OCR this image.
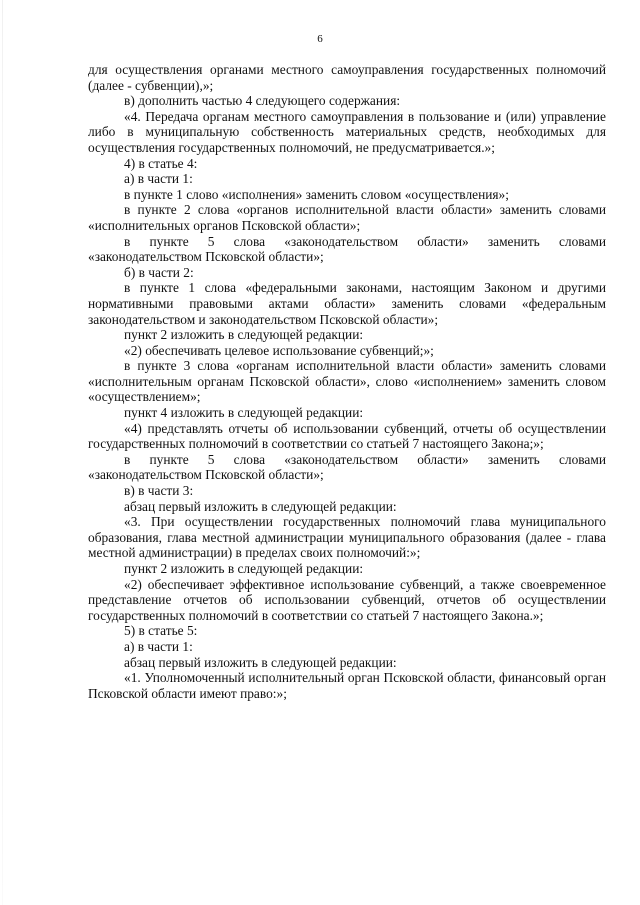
6

для осуществления органами местного самоуправления государственных полномочий (далее - субвенции),»;

в) дополнить частью 4 следующего содержания:

«4. Передача органам местного самоуправления в пользование и (или) управление либо в муниципальную собственность материальных средств, необходимых для осуществления государственных полномочий, не предусматривается.»;

4) в статье 4:

а) в части 1:

в пункте 1 слово «исполнения» заменить словом «осуществления»;

в пункте 2 слова «органов исполнительной власти области» заменить словами «исполнительных органов Псковской области»;

в пункте 5 слова «законодательством области» заменить словами «законодательством Псковской области»;

б) в части 2:

в пункте 1 слова «федеральными законами, настоящим Законом и другими нормативными правовыми актами области» заменить словами «федеральным законодательством и законодательством Псковской области»;

пункт 2 изложить в следующей редакции:

«2) обеспечивать целевое использование субвенций;»;

в пункте 3 слова «органам исполнительной власти области» заменить словами «исполнительным органам Псковской области», слово «исполнением» заменить словом «осуществлением»;

пункт 4 изложить в следующей редакции:

«4) представлять отчеты об использовании субвенций, отчеты об осуществлении государственных полномочий в соответствии со статьей 7 настоящего Закона;»;

в пункте 5 слова «законодательством области» заменить словами «законодательством Псковской области»;

в) в части 3:

абзац первый изложить в следующей редакции:

«3. При осуществлении государственных полномочий глава муниципального образования, глава местной администрации муниципального образования (далее - глава местной администрации) в пределах своих полномочий:»;

пункт 2 изложить в следующей редакции:

«2) обеспечивает эффективное использование субвенций, а также своевременное представление отчетов об использовании субвенций, отчетов об осуществлении государственных полномочий в соответствии со статьей 7 настоящего Закона.»;

5) в статье 5:

а) в части 1:

абзац первый изложить в следующей редакции:

«1. Уполномоченный исполнительный орган Псковской области, финансовый орган Псковской области имеют право:»;
